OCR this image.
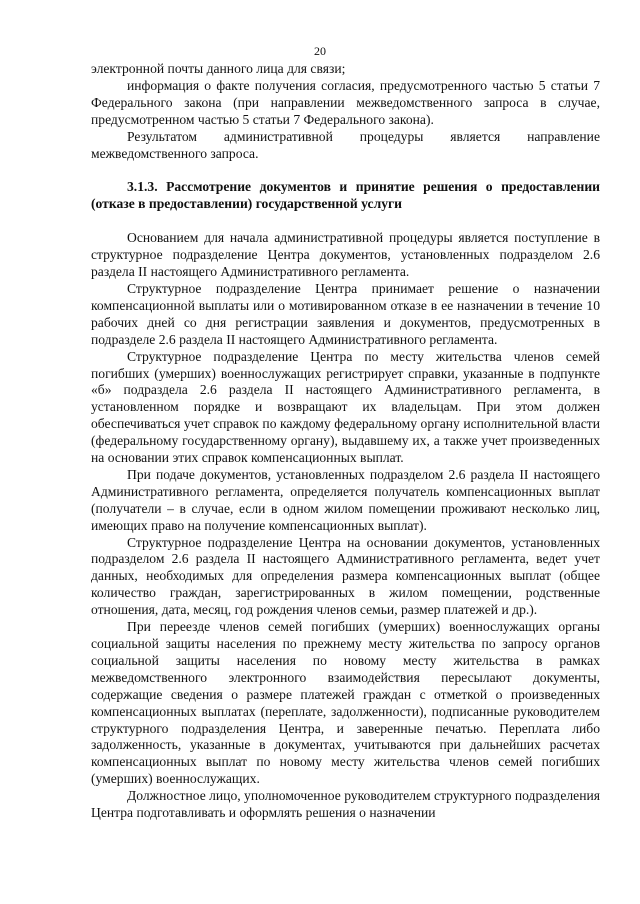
20

электронной почты данного лица для связи;

информация о факте получения согласия, предусмотренного частью 5 статьи 7 Федерального закона (при направлении межведомственного запроса в случае, предусмотренном частью 5 статьи 7 Федерального закона).

Результатом административной процедуры является направление межведомственного запроса.

3.1.3. Рассмотрение документов и принятие решения о предоставлении (отказе в предоставлении) государственной услуги

Основанием для начала административной процедуры является поступление в структурное подразделение Центра документов, установленных подразделом 2.6 раздела II настоящего Административного регламента.

Структурное подразделение Центра принимает решение о назначении компенсационной выплаты или о мотивированном отказе в ее назначении в течение 10 рабочих дней со дня регистрации заявления и документов, предусмотренных в подразделе 2.6 раздела II настоящего Административного регламента.

Структурное подразделение Центра по месту жительства членов семей погибших (умерших) военнослужащих регистрирует справки, указанные в подпункте «б» подраздела 2.6 раздела II настоящего Административного регламента, в установленном порядке и возвращают их владельцам. При этом должен обеспечиваться учет справок по каждому федеральному органу исполнительной власти (федеральному государственному органу), выдавшему их, а также учет произведенных на основании этих справок компенсационных выплат.

При подаче документов, установленных подразделом 2.6 раздела II настоящего Административного регламента, определяется получатель компенсационных выплат (получатели – в случае, если в одном жилом помещении проживают несколько лиц, имеющих право на получение компенсационных выплат).

Структурное подразделение Центра на основании документов, установленных подразделом 2.6 раздела II настоящего Административного регламента, ведет учет данных, необходимых для определения размера компенсационных выплат (общее количество граждан, зарегистрированных в жилом помещении, родственные отношения, дата, месяц, год рождения членов семьи, размер платежей и др.).

При переезде членов семей погибших (умерших) военнослужащих органы социальной защиты населения по прежнему месту жительства по запросу органов социальной защиты населения по новому месту жительства в рамках межведомственного электронного взаимодействия пересылают документы, содержащие сведения о размере платежей граждан с отметкой о произведенных компенсационных выплатах (переплате, задолженности), подписанные руководителем структурного подразделения Центра, и заверенные печатью. Переплата либо задолженность, указанные в документах, учитываются при дальнейших расчетах компенсационных выплат по новому месту жительства членов семей погибших (умерших) военнослужащих.

Должностное лицо, уполномоченное руководителем структурного подразделения Центра подготавливать и оформлять решения о назначении
